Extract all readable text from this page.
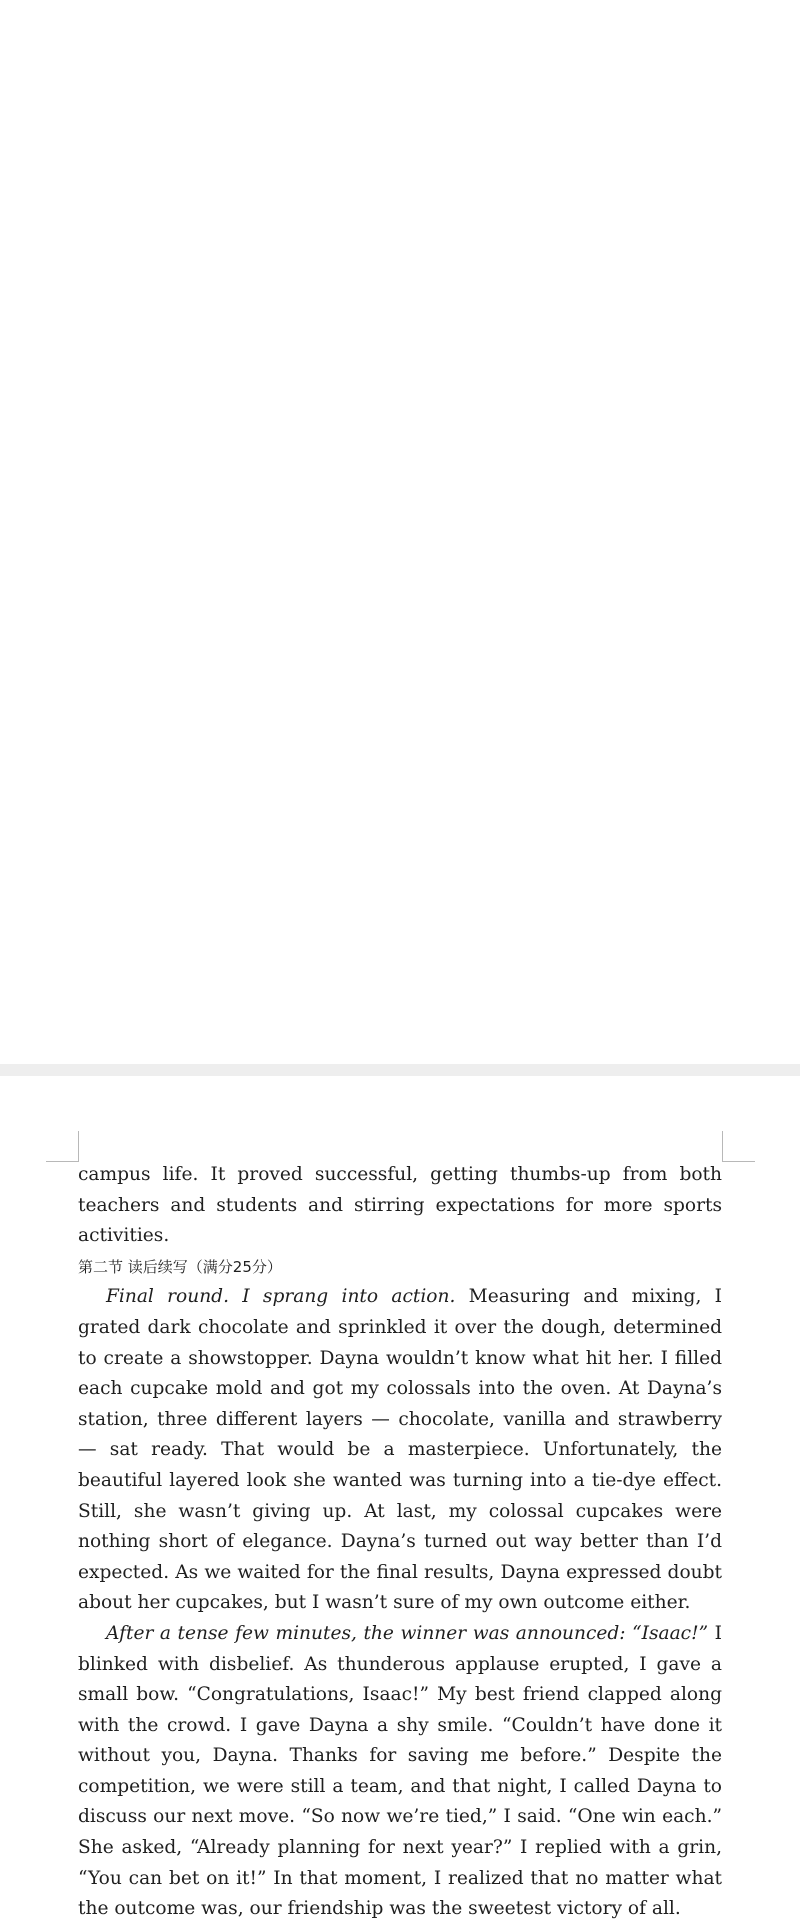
campus life. It proved successful, getting thumbs-up from both teachers and students and stirring expectations for more sports activities.

第二节 读后续写（满分25分）

Final round. I sprang into action. Measuring and mixing, I grated dark chocolate and sprinkled it over the dough, determined to create a showstopper. Dayna wouldn’t know what hit her. I filled each cupcake mold and got my colossals into the oven. At Dayna’s station, three different layers — chocolate, vanilla and strawberry — sat ready. That would be a masterpiece. Unfortunately, the beautiful layered look she wanted was turning into a tie-dye effect. Still, she wasn’t giving up. At last, my colossal cupcakes were nothing short of elegance. Dayna’s turned out way better than I’d expected. As we waited for the final results, Dayna expressed doubt about her cupcakes, but I wasn’t sure of my own outcome either.

After a tense few minutes, the winner was announced: “Isaac!” I blinked with disbelief. As thunderous applause erupted, I gave a small bow. “Congratulations, Isaac!” My best friend clapped along with the crowd. I gave Dayna a shy smile. “Couldn’t have done it without you, Dayna. Thanks for saving me before.” Despite the competition, we were still a team, and that night, I called Dayna to discuss our next move. “So now we’re tied,” I said. “One win each.” She asked, “Already planning for next year?” I replied with a grin, “You can bet on it!” In that moment, I realized that no matter what the outcome was, our friendship was the sweetest victory of all.
